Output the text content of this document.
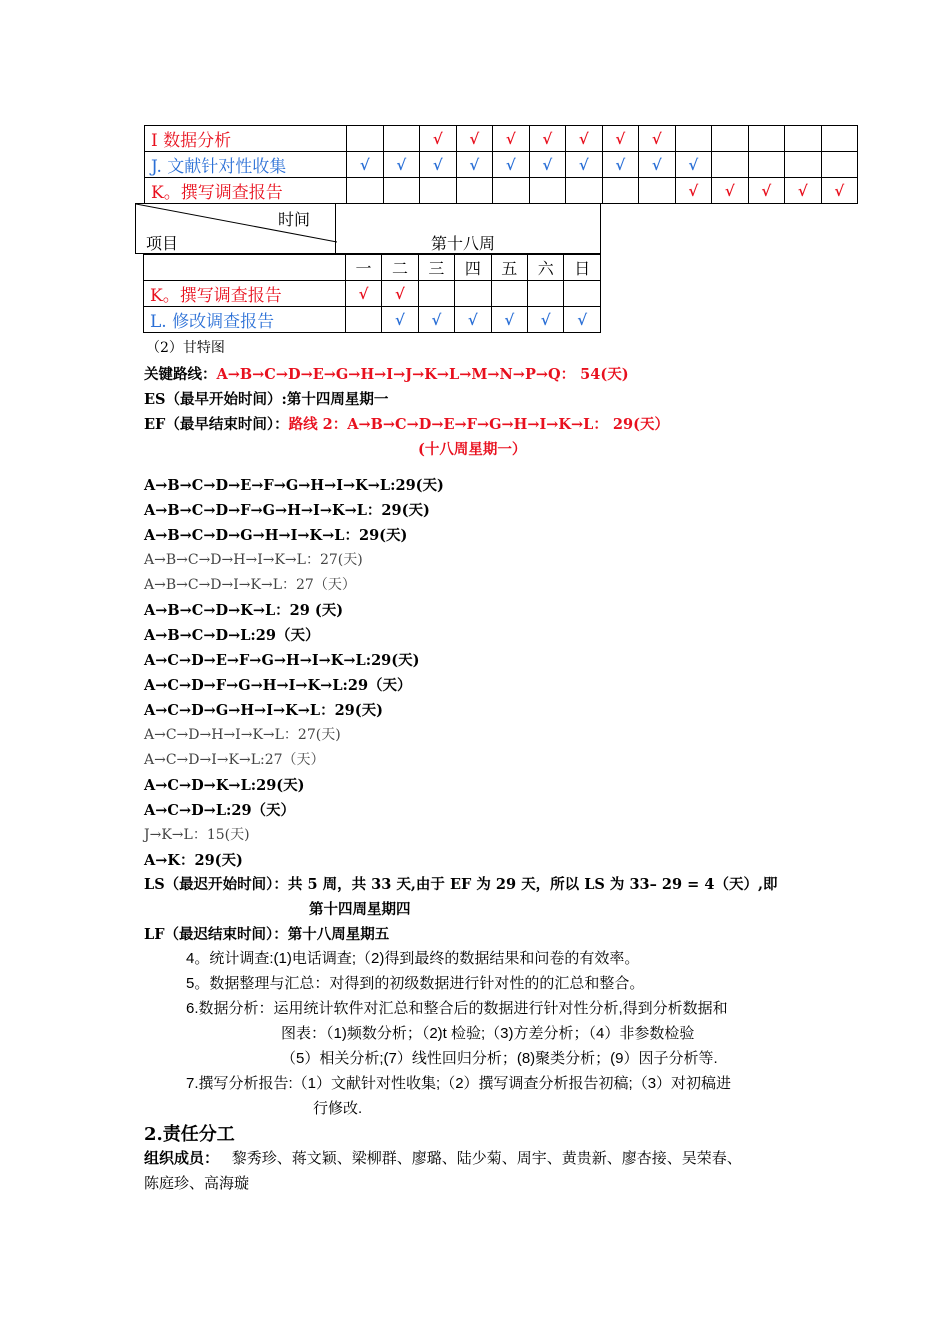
I 数据分析			√	√	√	√	√	√	√					
J. 文献针对性收集	√	√	√	√	√	√	√	√	√	√				
K。撰写调查报告										√	√	√	√	√
时间
项目	第十八周
	一	二	三	四	五	六	日
K。撰写调查报告	√	√					
L. 修改调查报告		√	√	√	√	√	√
（2）甘特图
关键路线：A→B→C→D→E→G→H→I→J→K→L→M→N→P→Q： 54(天)
ES（最早开始时间）:第十四周星期一
EF（最早结束时间）：路线 2：A→B→C→D→E→F→G→H→I→K→L： 29(天）
(十八周星期一）
A→B→C→D→E→F→G→H→I→K→L:29(天)
A→B→C→D→F→G→H→I→K→L：29(天)
A→B→C→D→G→H→I→K→L：29(天)
A→B→C→D→H→I→K→L：27(天)
A→B→C→D→I→K→L：27（天）
A→B→C→D→K→L：29 (天)
A→B→C→D→L:29（天）
A→C→D→E→F→G→H→I→K→L:29(天)
A→C→D→F→G→H→I→K→L:29（天）
A→C→D→G→H→I→K→L：29(天)
A→C→D→H→I→K→L：27(天)
A→C→D→I→K→L:27（天）
A→C→D→K→L:29(天)
A→C→D→L:29（天）
J→K→L：15(天)
A→K：29(天)
LS（最迟开始时间）：共 5 周，共 33 天,由于 EF 为 29 天，所以 LS 为 33– 29 = 4（天）,即
第十四周星期四
LF（最迟结束时间）：第十八周星期五
4。统计调查:(1)电话调查;（2)得到最终的数据结果和问卷的有效率。
5。数据整理与汇总：对得到的初级数据进行针对性的的汇总和整合。
6.数据分析：运用统计软件对汇总和整合后的数据进行针对性分析,得到分析数据和
图表：（1)频数分析；（2)t 检验;（3)方差分析；（4）非参数检验
（5）相关分析;(7）线性回归分析；(8)聚类分析；(9）因子分析等.
7.撰写分析报告:（1）文献针对性收集;（2）撰写调查分析报告初稿;（3）对初稿进
行修改.
2.责任分工
组织成员： 黎秀珍、蒋文颖、梁柳群、廖璐、陆少菊、周宇、黄贵新、廖杏接、吴荣春、
陈庭珍、高海璇
